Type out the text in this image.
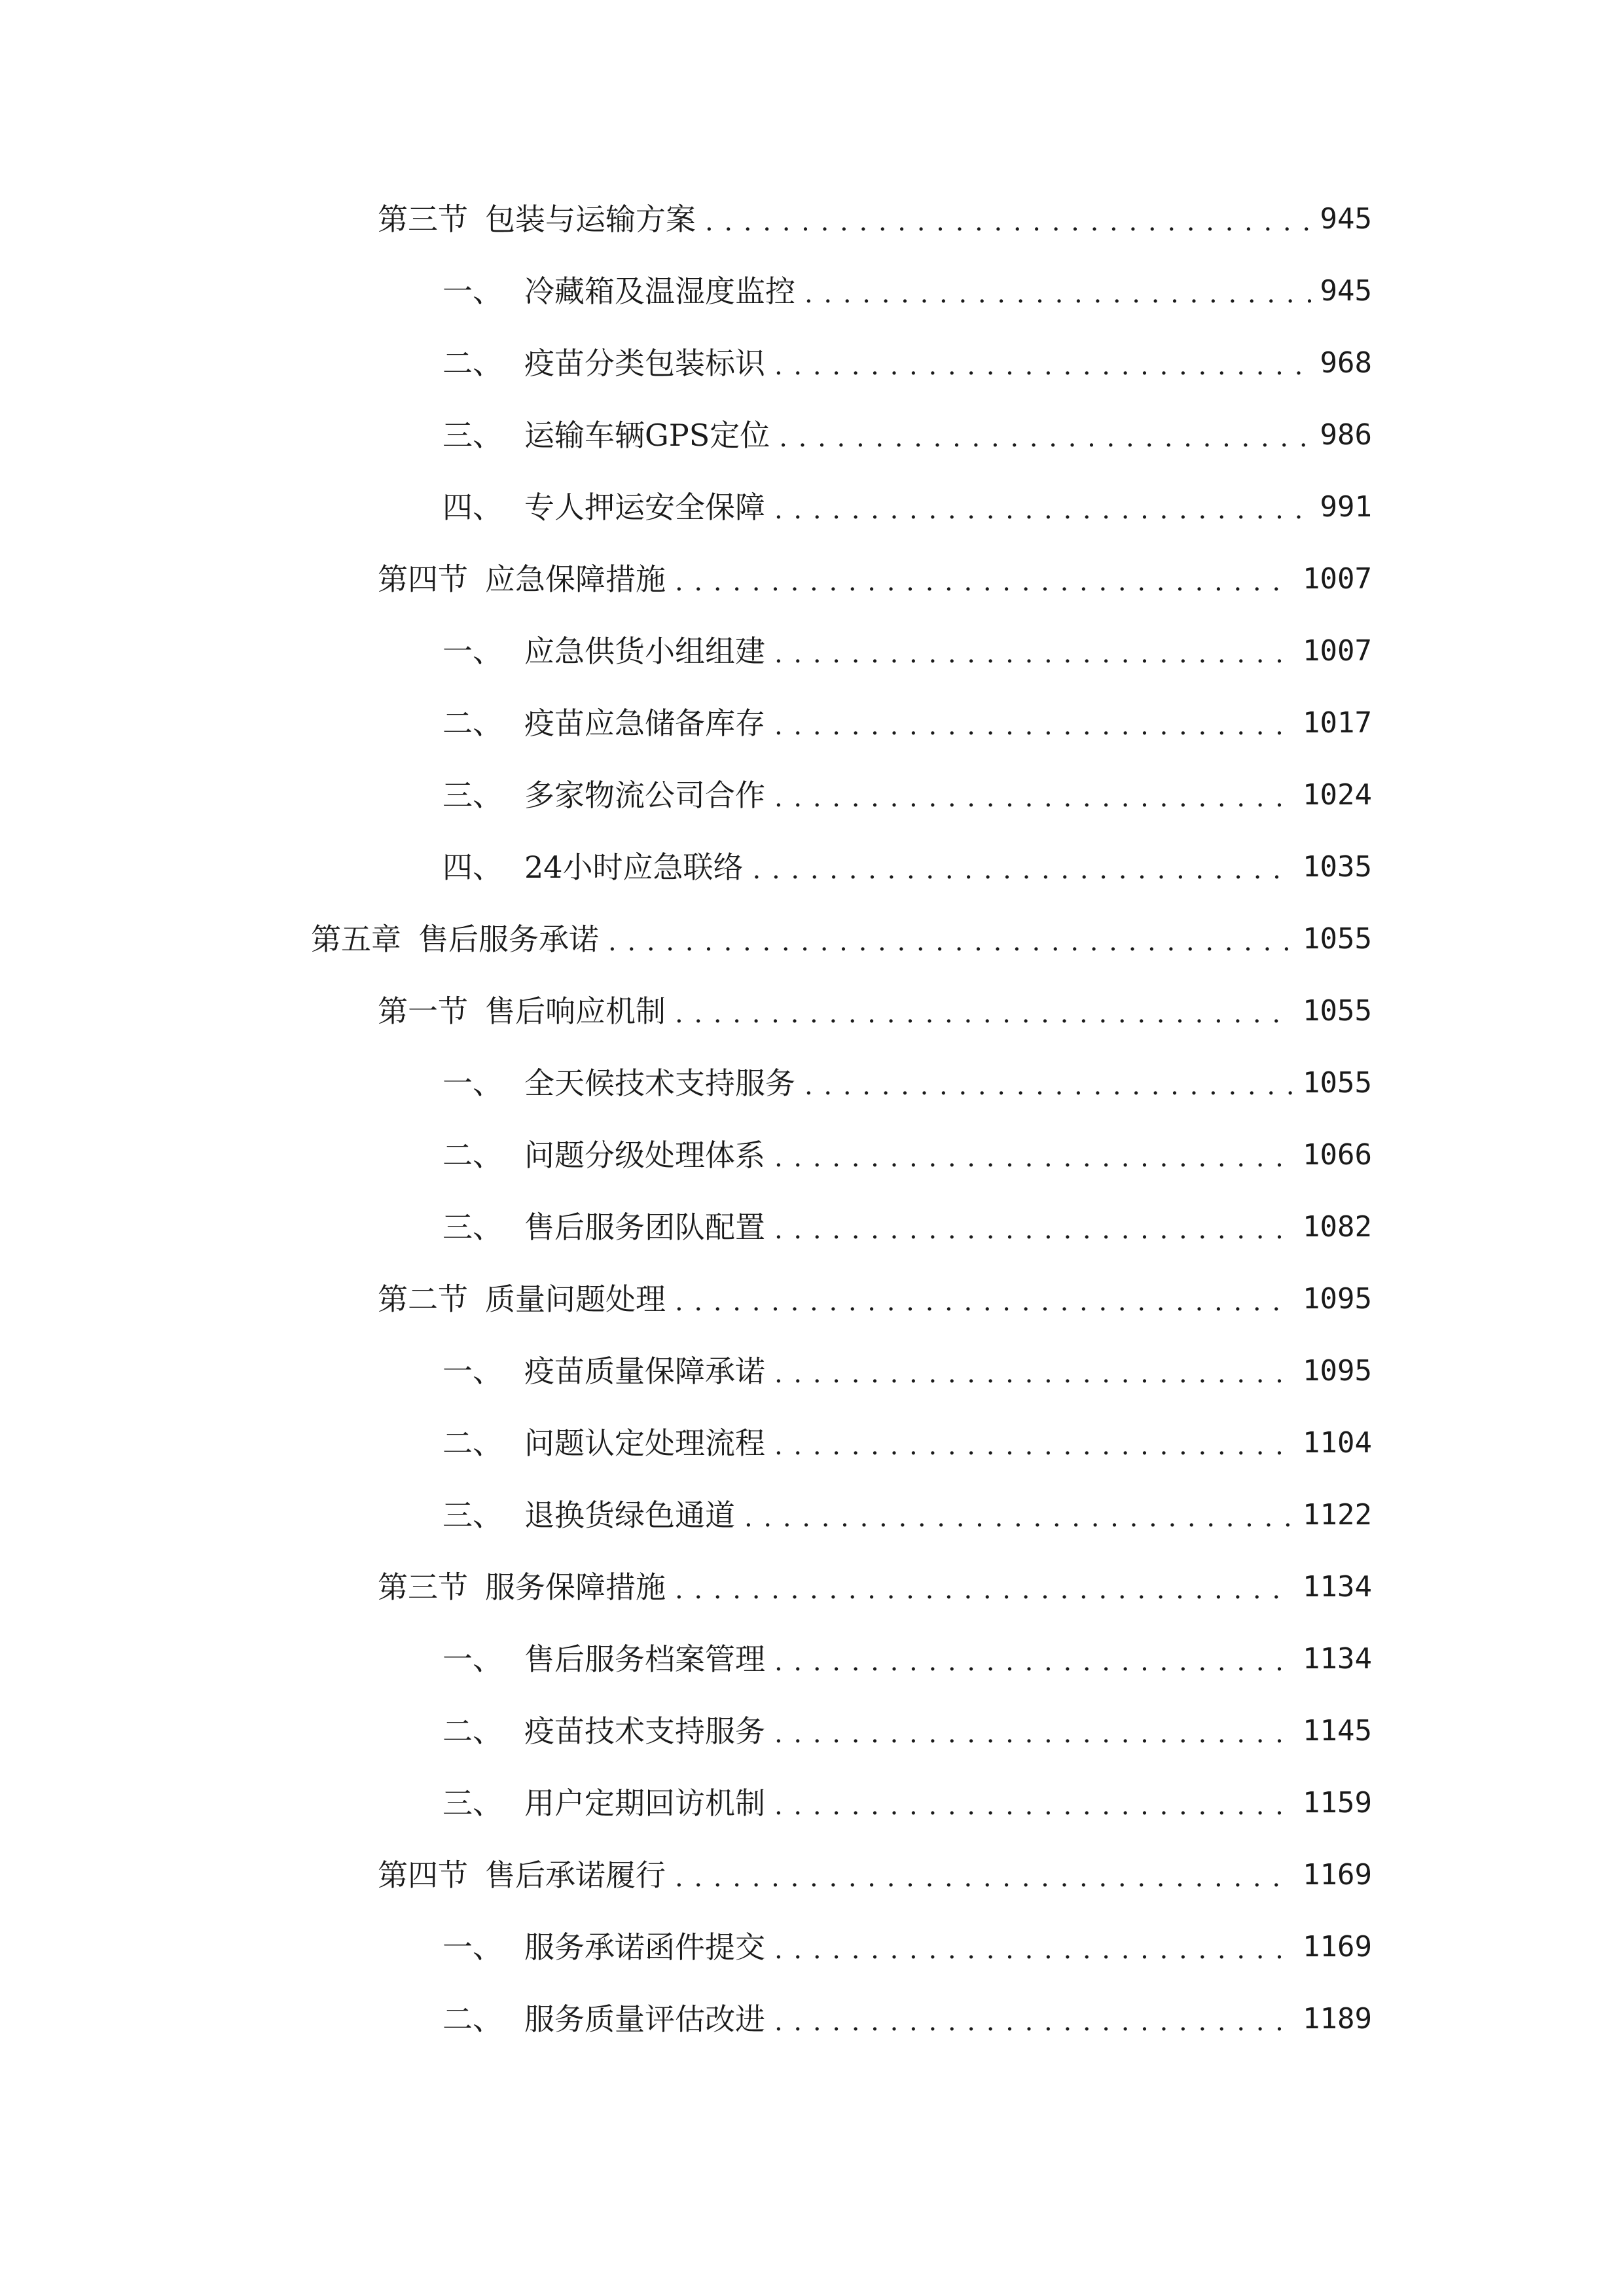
第三节 包装与运输方案 . . .	945
一、 冷藏箱及温湿度监控 . . .	945
二、 疫苗分类包装标识 . . .	968
三、 运输车辆GPS定位 . . .	986
四、 专人押运安全保障 . . .	991
第四节 应急保障措施 . . .	1007
一、 应急供货小组组建 . . .	1007
二、 疫苗应急储备库存 . . .	1017
三、 多家物流公司合作 . . .	1024
四、 24小时应急联络 . . .	1035
第五章 售后服务承诺 . . .	1055
第一节 售后响应机制 . . .	1055
一、 全天候技术支持服务 . . .	1055
二、 问题分级处理体系 . . .	1066
三、 售后服务团队配置 . . .	1082
第二节 质量问题处理 . . .	1095
一、 疫苗质量保障承诺 . . .	1095
二、 问题认定处理流程 . . .	1104
三、 退换货绿色通道 . . .	1122
第三节 服务保障措施 . . .	1134
一、 售后服务档案管理 . . .	1134
二、 疫苗技术支持服务 . . .	1145
三、 用户定期回访机制 . . .	1159
第四节 售后承诺履行 . . .	1169
一、 服务承诺函件提交 . . .	1169
二、 服务质量评估改进 . . .	1189
